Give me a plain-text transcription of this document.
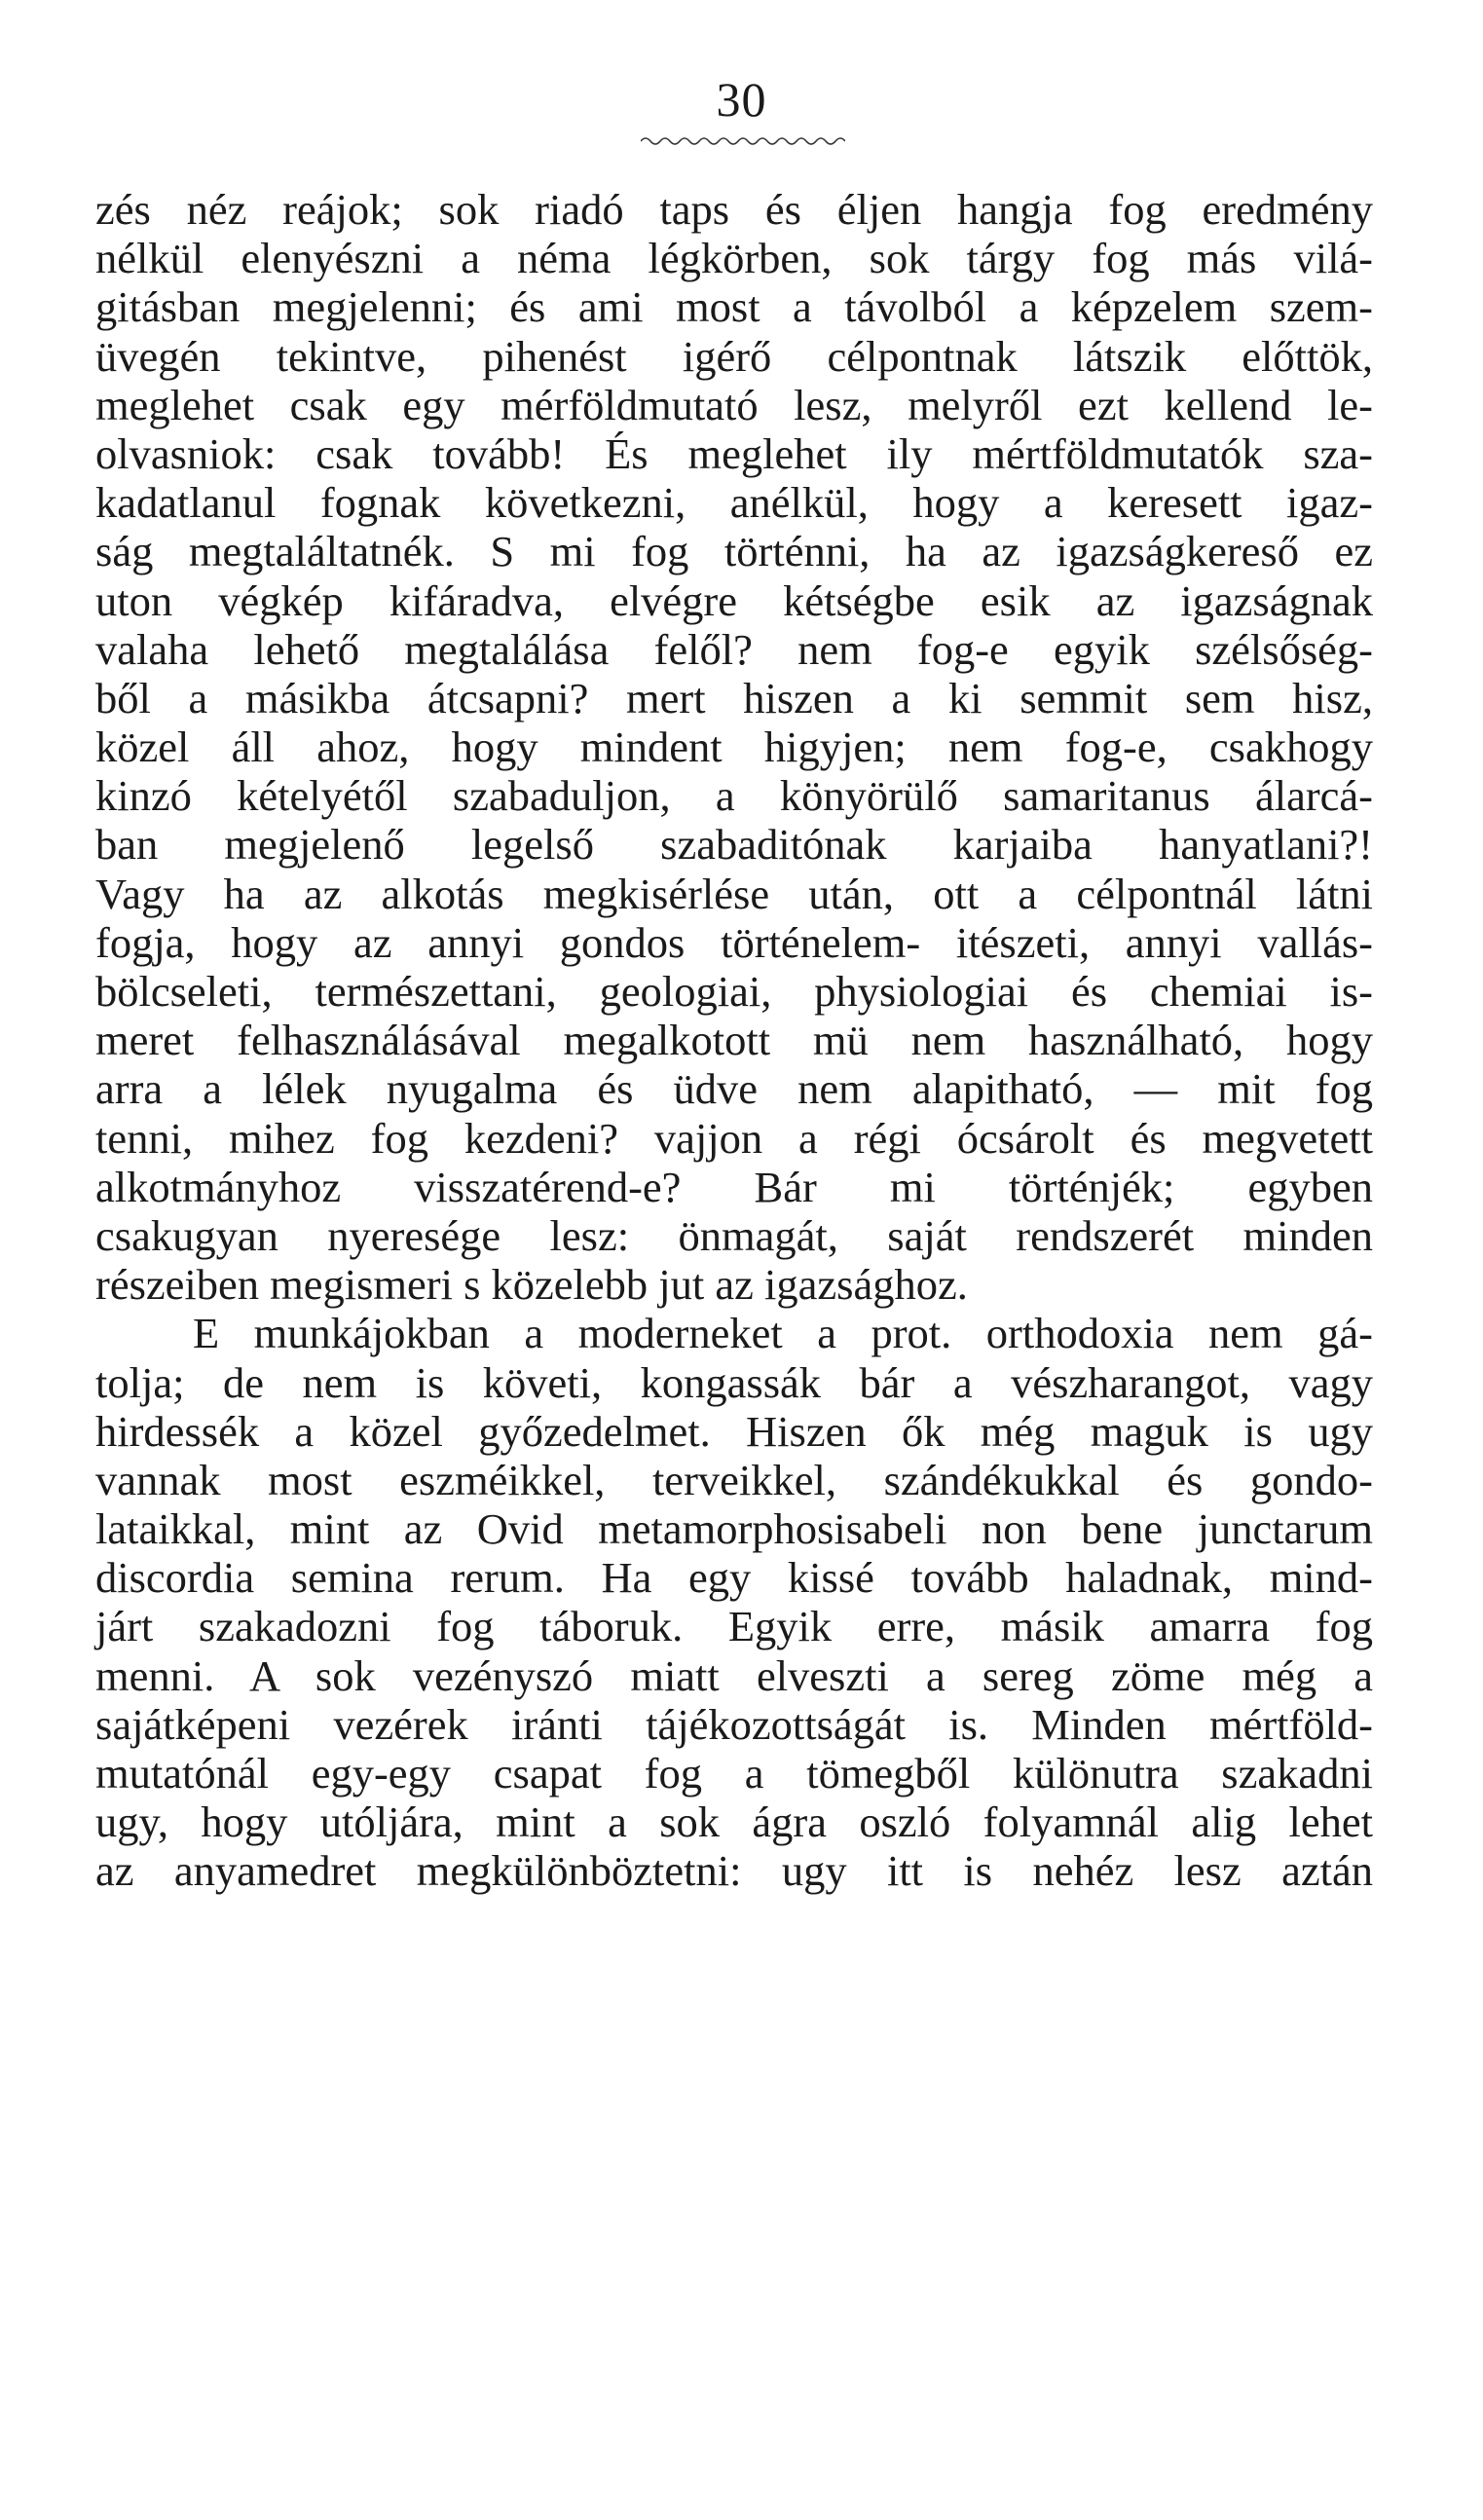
30
zés néz reájok; sok riadó taps és éljen hangja fog eredmény
nélkül elenyészni a néma légkörben, sok tárgy fog más vilá-
gitásban megjelenni; és ami most a távolból a képzelem szem-
üvegén tekintve, pihenést igérő célpontnak látszik előttök,
meglehet csak egy mérföldmutató lesz, melyről ezt kellend le-
olvasniok: csak tovább! És meglehet ily mértföldmutatók sza-
kadatlanul fognak következni, anélkül, hogy a keresett igaz-
ság megtaláltatnék. S mi fog történni, ha az igazságkereső ez
uton végkép kifáradva, elvégre kétségbe esik az igazságnak
valaha lehető megtalálása felől? nem fog-e egyik szélsőség-
ből a másikba átcsapni? mert hiszen a ki semmit sem hisz,
közel áll ahoz, hogy mindent higyjen; nem fog-e, csakhogy
kinzó kételyétől szabaduljon, a könyörülő samaritanus álarcá-
ban megjelenő legelső szabaditónak karjaiba hanyatlani?!
Vagy ha az alkotás megkisérlése után, ott a célpontnál látni
fogja, hogy az annyi gondos történelem- itészeti, annyi vallás-
bölcseleti, természettani, geologiai, physiologiai és chemiai is-
meret felhasználásával megalkotott mü nem használható, hogy
arra a lélek nyugalma és üdve nem alapitható, — mit fog
tenni, mihez fog kezdeni? vajjon a régi ócsárolt és megvetett
alkotmányhoz visszatérend-e? Bár mi történjék; egyben
csakugyan nyeresége lesz: önmagát, saját rendszerét minden
részeiben megismeri s közelebb jut az igazsághoz.
E munkájokban a moderneket a prot. orthodoxia nem gá-
tolja; de nem is követi, kongassák bár a vészharangot, vagy
hirdessék a közel győzedelmet. Hiszen ők még maguk is ugy
vannak most eszméikkel, terveikkel, szándékukkal és gondo-
lataikkal, mint az Ovid metamorphosisabeli non bene junctarum
discordia semina rerum. Ha egy kissé tovább haladnak, mind-
járt szakadozni fog táboruk. Egyik erre, másik amarra fog
menni. A sok vezényszó miatt elveszti a sereg zöme még a
sajátképeni vezérek iránti tájékozottságát is. Minden mértföld-
mutatónál egy-egy csapat fog a tömegből különutra szakadni
ugy, hogy utóljára, mint a sok ágra oszló folyamnál alig lehet
az anyamedret megkülönböztetni: ugy itt is nehéz lesz aztán
